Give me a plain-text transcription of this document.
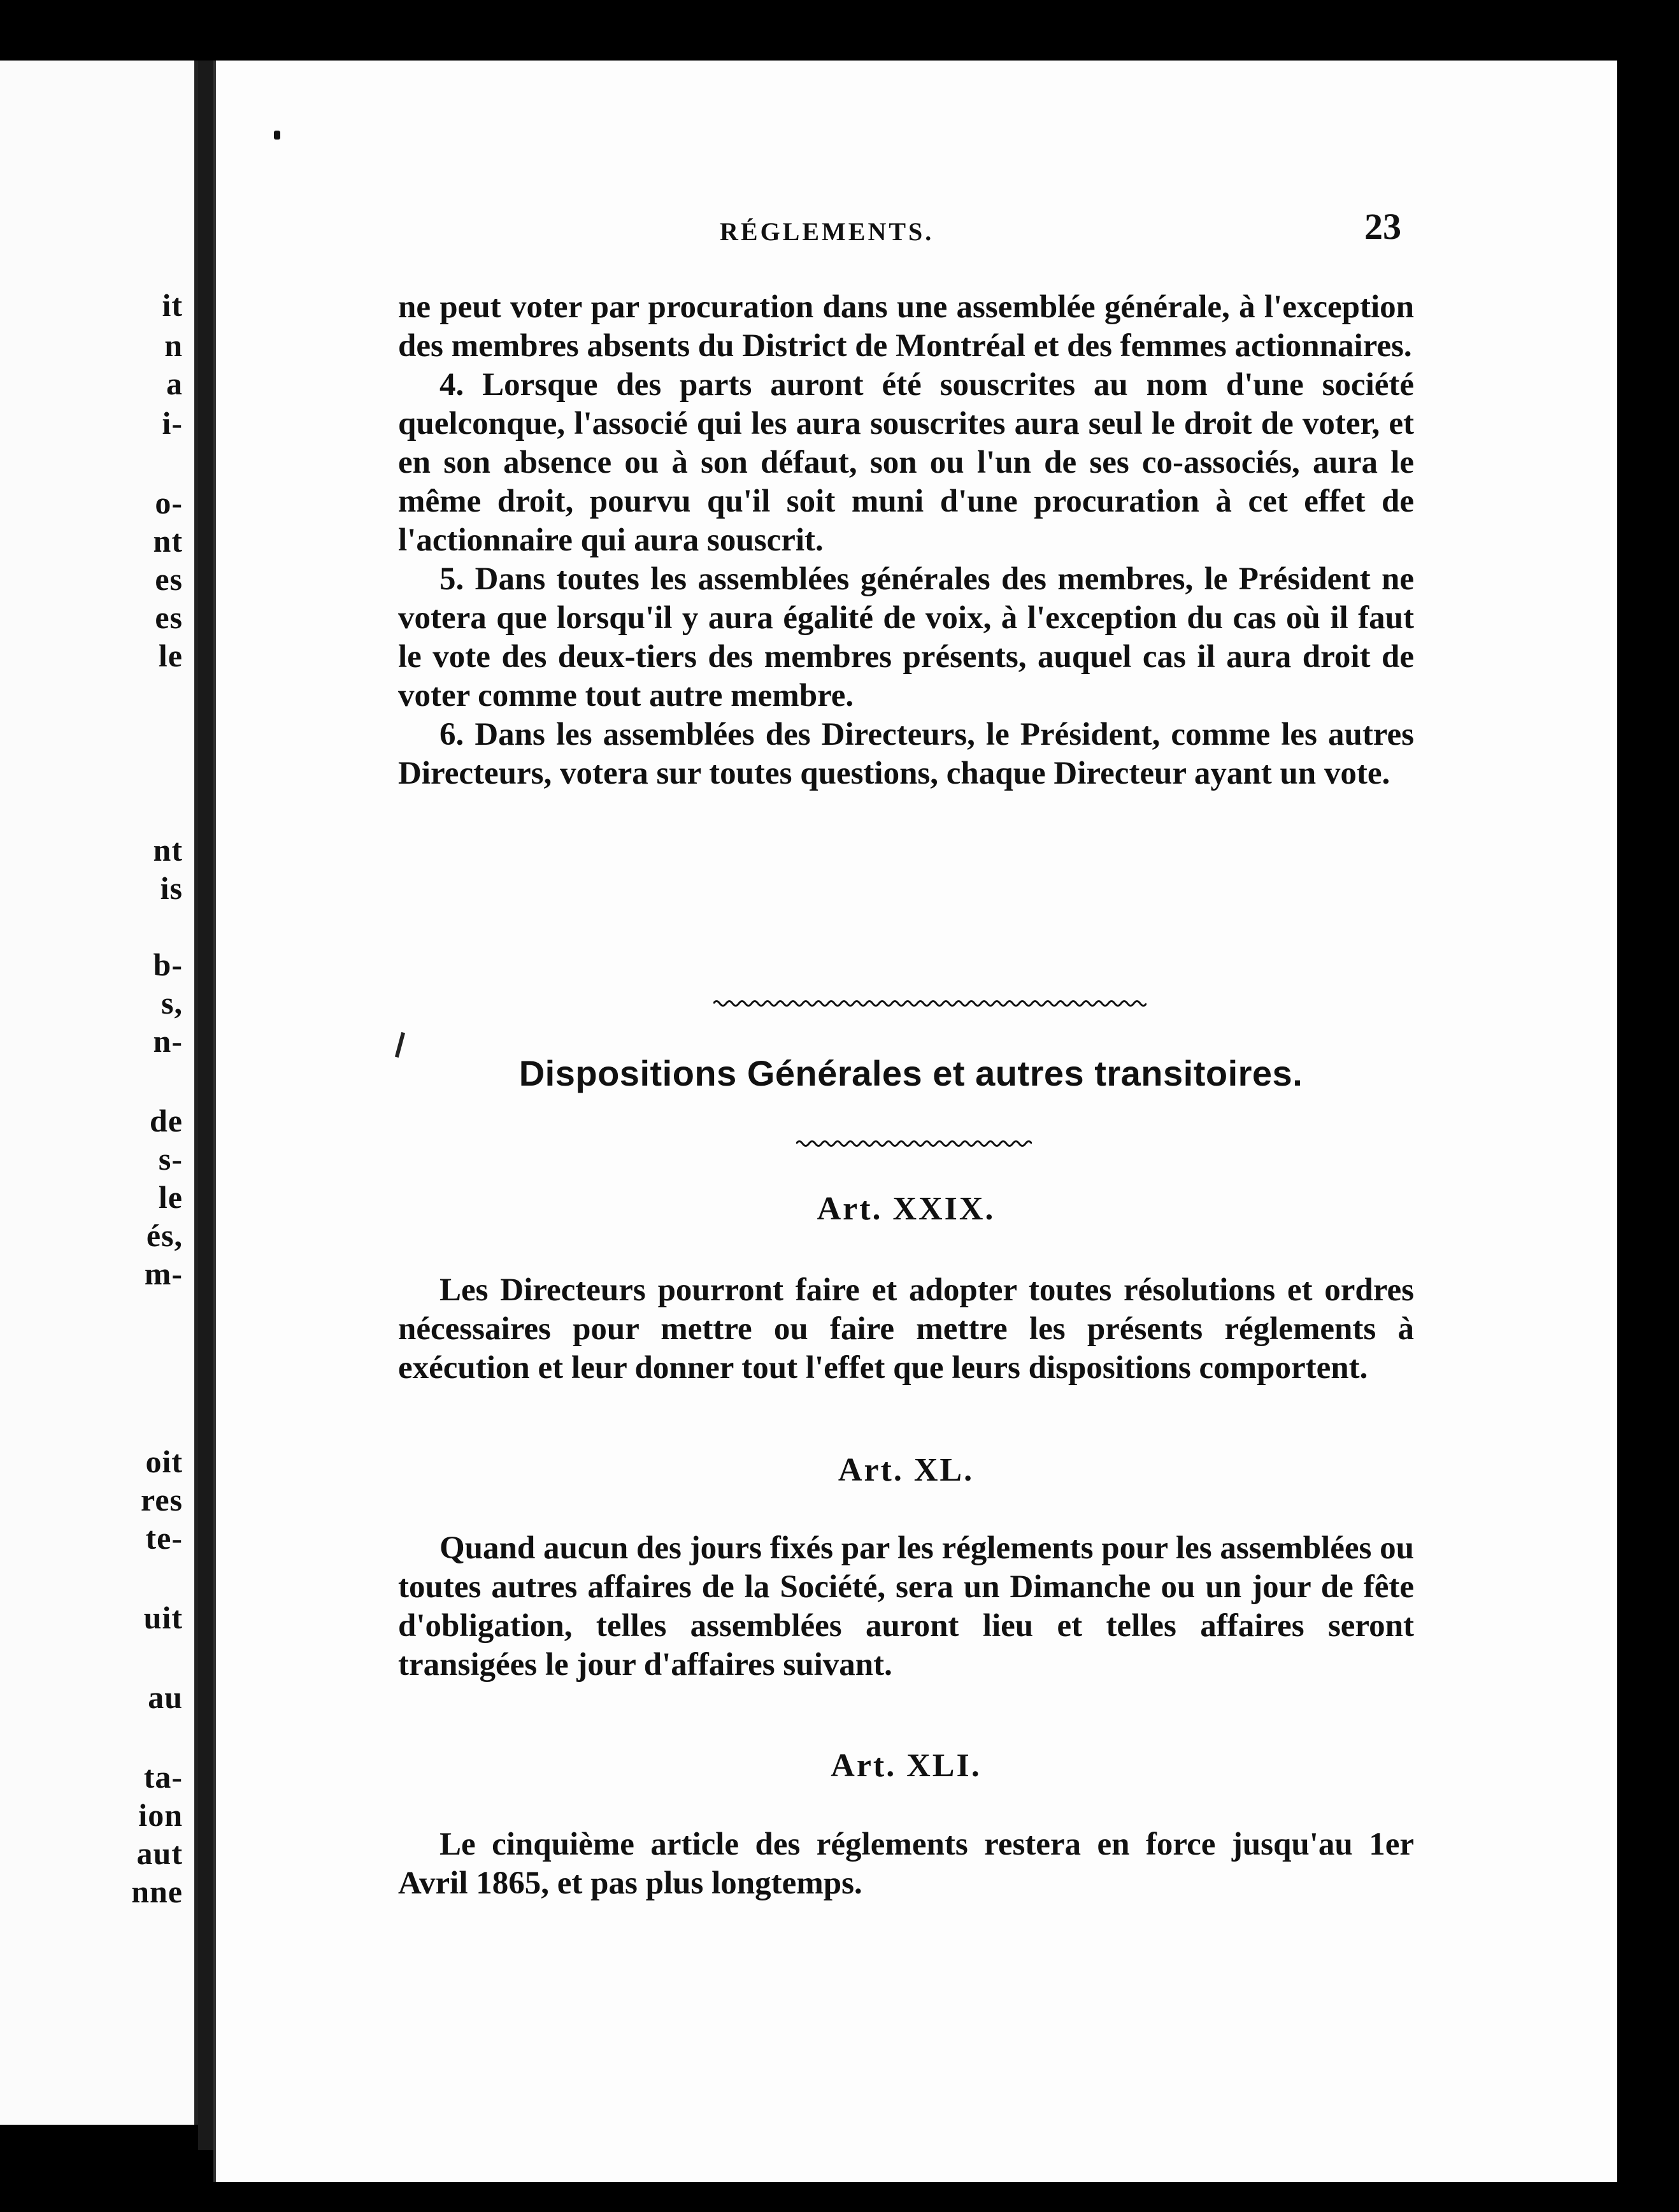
it
n
a
i-
o-
nt
es
es
le
nt
is
b-
s,
n-
de
s-
le
és,
m-
oit
res
te-
uit
au
ta-
ion
aut
nne
RÉGLEMENTS.	23

ne peut voter par procuration dans une assemblée générale, à l'exception des membres absents du District de Montréal et des femmes actionnaires.

4. Lorsque des parts auront été souscrites au nom d'une société quelconque, l'associé qui les aura souscrites aura seul le droit de voter, et en son absence ou à son défaut, son ou l'un de ses co-associés, aura le même droit, pourvu qu'il soit muni d'une procuration à cet effet de l'actionnaire qui aura souscrit.

5. Dans toutes les assemblées générales des membres, le Président ne votera que lorsqu'il y aura égalité de voix, à l'exception du cas où il faut le vote des deux-tiers des membres présents, auquel cas il aura droit de voter comme tout autre membre.

6. Dans les assemblées des Directeurs, le Président, comme les autres Directeurs, votera sur toutes questions, chaque Directeur ayant un vote.

Dispositions Générales et autres transitoires.
Art. XXIX.

Les Directeurs pourront faire et adopter toutes résolutions et ordres nécessaires pour mettre ou faire mettre les présents réglements à exécution et leur donner tout l'effet que leurs dispositions comportent.

Art. XL.

Quand aucun des jours fixés par les réglements pour les assemblées ou toutes autres affaires de la Société, sera un Dimanche ou un jour de fête d'obligation, telles assemblées auront lieu et telles affaires seront transigées le jour d'affaires suivant.

Art. XLI.

Le cinquième article des réglements restera en force jusqu'au 1er Avril 1865, et pas plus longtemps.
